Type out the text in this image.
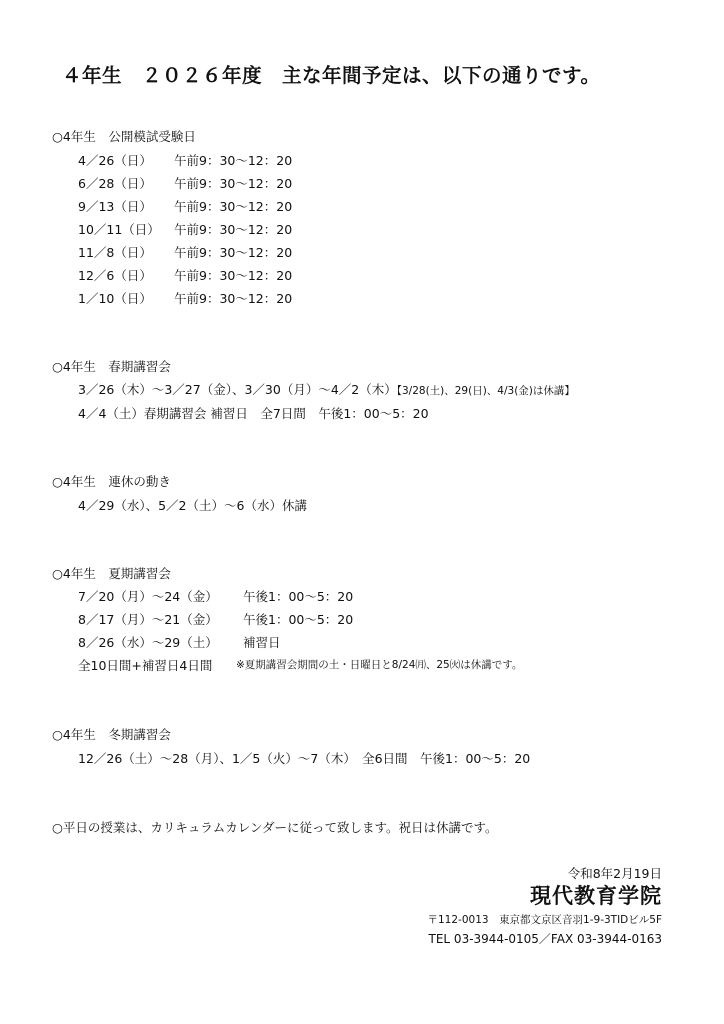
４年生　２０２６年度　主な年間予定は、以下の通りです。
○4年生　公開模試受験日
4／26（日） 午前9：30～12：20
6／28（日） 午前9：30～12：20
9／13（日） 午前9：30～12：20
10／11（日） 午前9：30～12：20
11／8（日） 午前9：30～12：20
12／6（日） 午前9：30～12：20
1／10（日） 午前9：30～12：20
○4年生　春期講習会
3／26（木）～3／27（金）、3／30（月）～4／2（木）【3/28(土)、29(日)、4/3(金)は休講】
4／4（土）春期講習会 補習日　全7日間　午後1：00～5：20
○4年生　連休の動き
4／29（水）、5／2（土）～6（水）休講
○4年生　夏期講習会
7／20（月）～24（金） 午後1：00～5：20
8／17（月）～21（金） 午後1：00～5：20
8／26（水）～29（土） 補習日
全10日間+補習日4日間 ※夏期講習会期間の土・日曜日と8/24㈪、25㈫は休講です。
○4年生　冬期講習会
12／26（土）～28（月）、1／5（火）～7（木）　全6日間　午後1：00～5：20
○平日の授業は、カリキュラムカレンダーに従って致します。祝日は休講です。
令和8年2月19日
現代教育学院
〒112-0013　東京都文京区音羽1-9-3TIDビル5F
TEL 03-3944-0105／FAX 03-3944-0163
